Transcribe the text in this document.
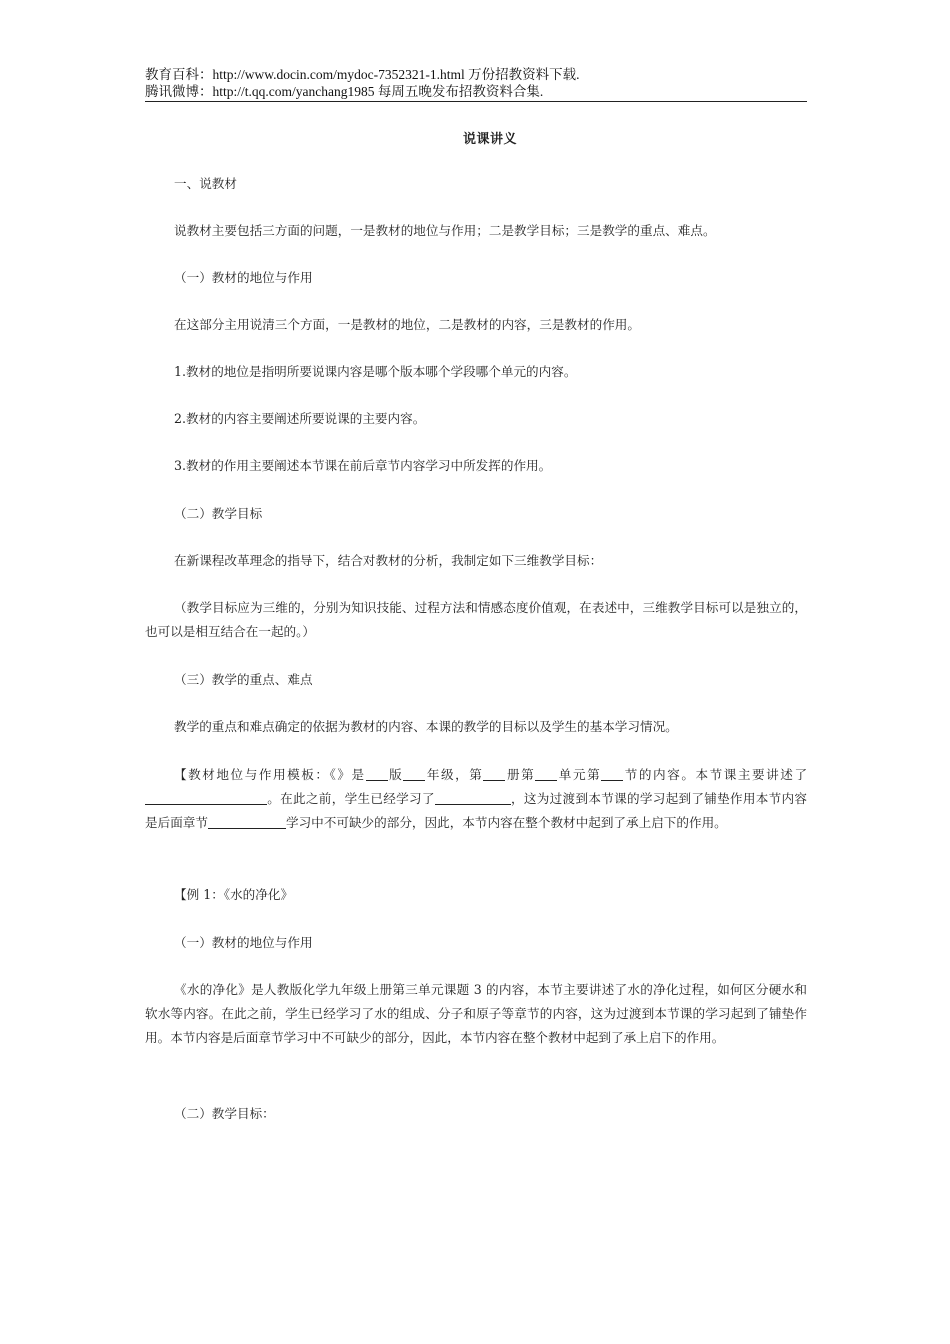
教育百科：http://www.docin.com/mydoc-7352321-1.html 万份招教资料下载.
腾讯微博：http://t.qq.com/yanchang1985 每周五晚发布招教资料合集.
说课讲义
一、说教材
说教材主要包括三方面的问题，一是教材的地位与作用；二是教学目标；三是教学的重点、难点。
（一）教材的地位与作用
在这部分主用说清三个方面，一是教材的地位，二是教材的内容，三是教材的作用。
1.教材的地位是指明所要说课内容是哪个版本哪个学段哪个单元的内容。
2.教材的内容主要阐述所要说课的主要内容。
3.教材的作用主要阐述本节课在前后章节内容学习中所发挥的作用。
（二）教学目标
在新课程改革理念的指导下，结合对教材的分析，我制定如下三维教学目标：
（教学目标应为三维的，分别为知识技能、过程方法和情感态度价值观，在表述中，三维教学目标可以是独立的，也可以是相互结合在一起的。）
（三）教学的重点、难点
教学的重点和难点确定的依据为教材的内容、本课的教学的目标以及学生的基本学习情况。
【教材地位与作用模板：《》是 版 年级，第 册第 单元第 节的内容。本节课主要讲述了。在此之前，学生已经学习了	，这为过渡到本节课的学习起到了铺垫作用本节内容是后面章节	学习中不可缺少的部分，因此，本节内容在整个教材中起到了承上启下的作用。
【例 1：《水的净化》
（一）教材的地位与作用
《水的净化》是人教版化学九年级上册第三单元课题 3 的内容，本节主要讲述了水的净化过程，如何区分硬水和软水等内容。在此之前，学生已经学习了水的组成、分子和原子等章节的内容，这为过渡到本节课的学习起到了铺垫作用。本节内容是后面章节学习中不可缺少的部分，因此，本节内容在整个教材中起到了承上启下的作用。
（二）教学目标：
